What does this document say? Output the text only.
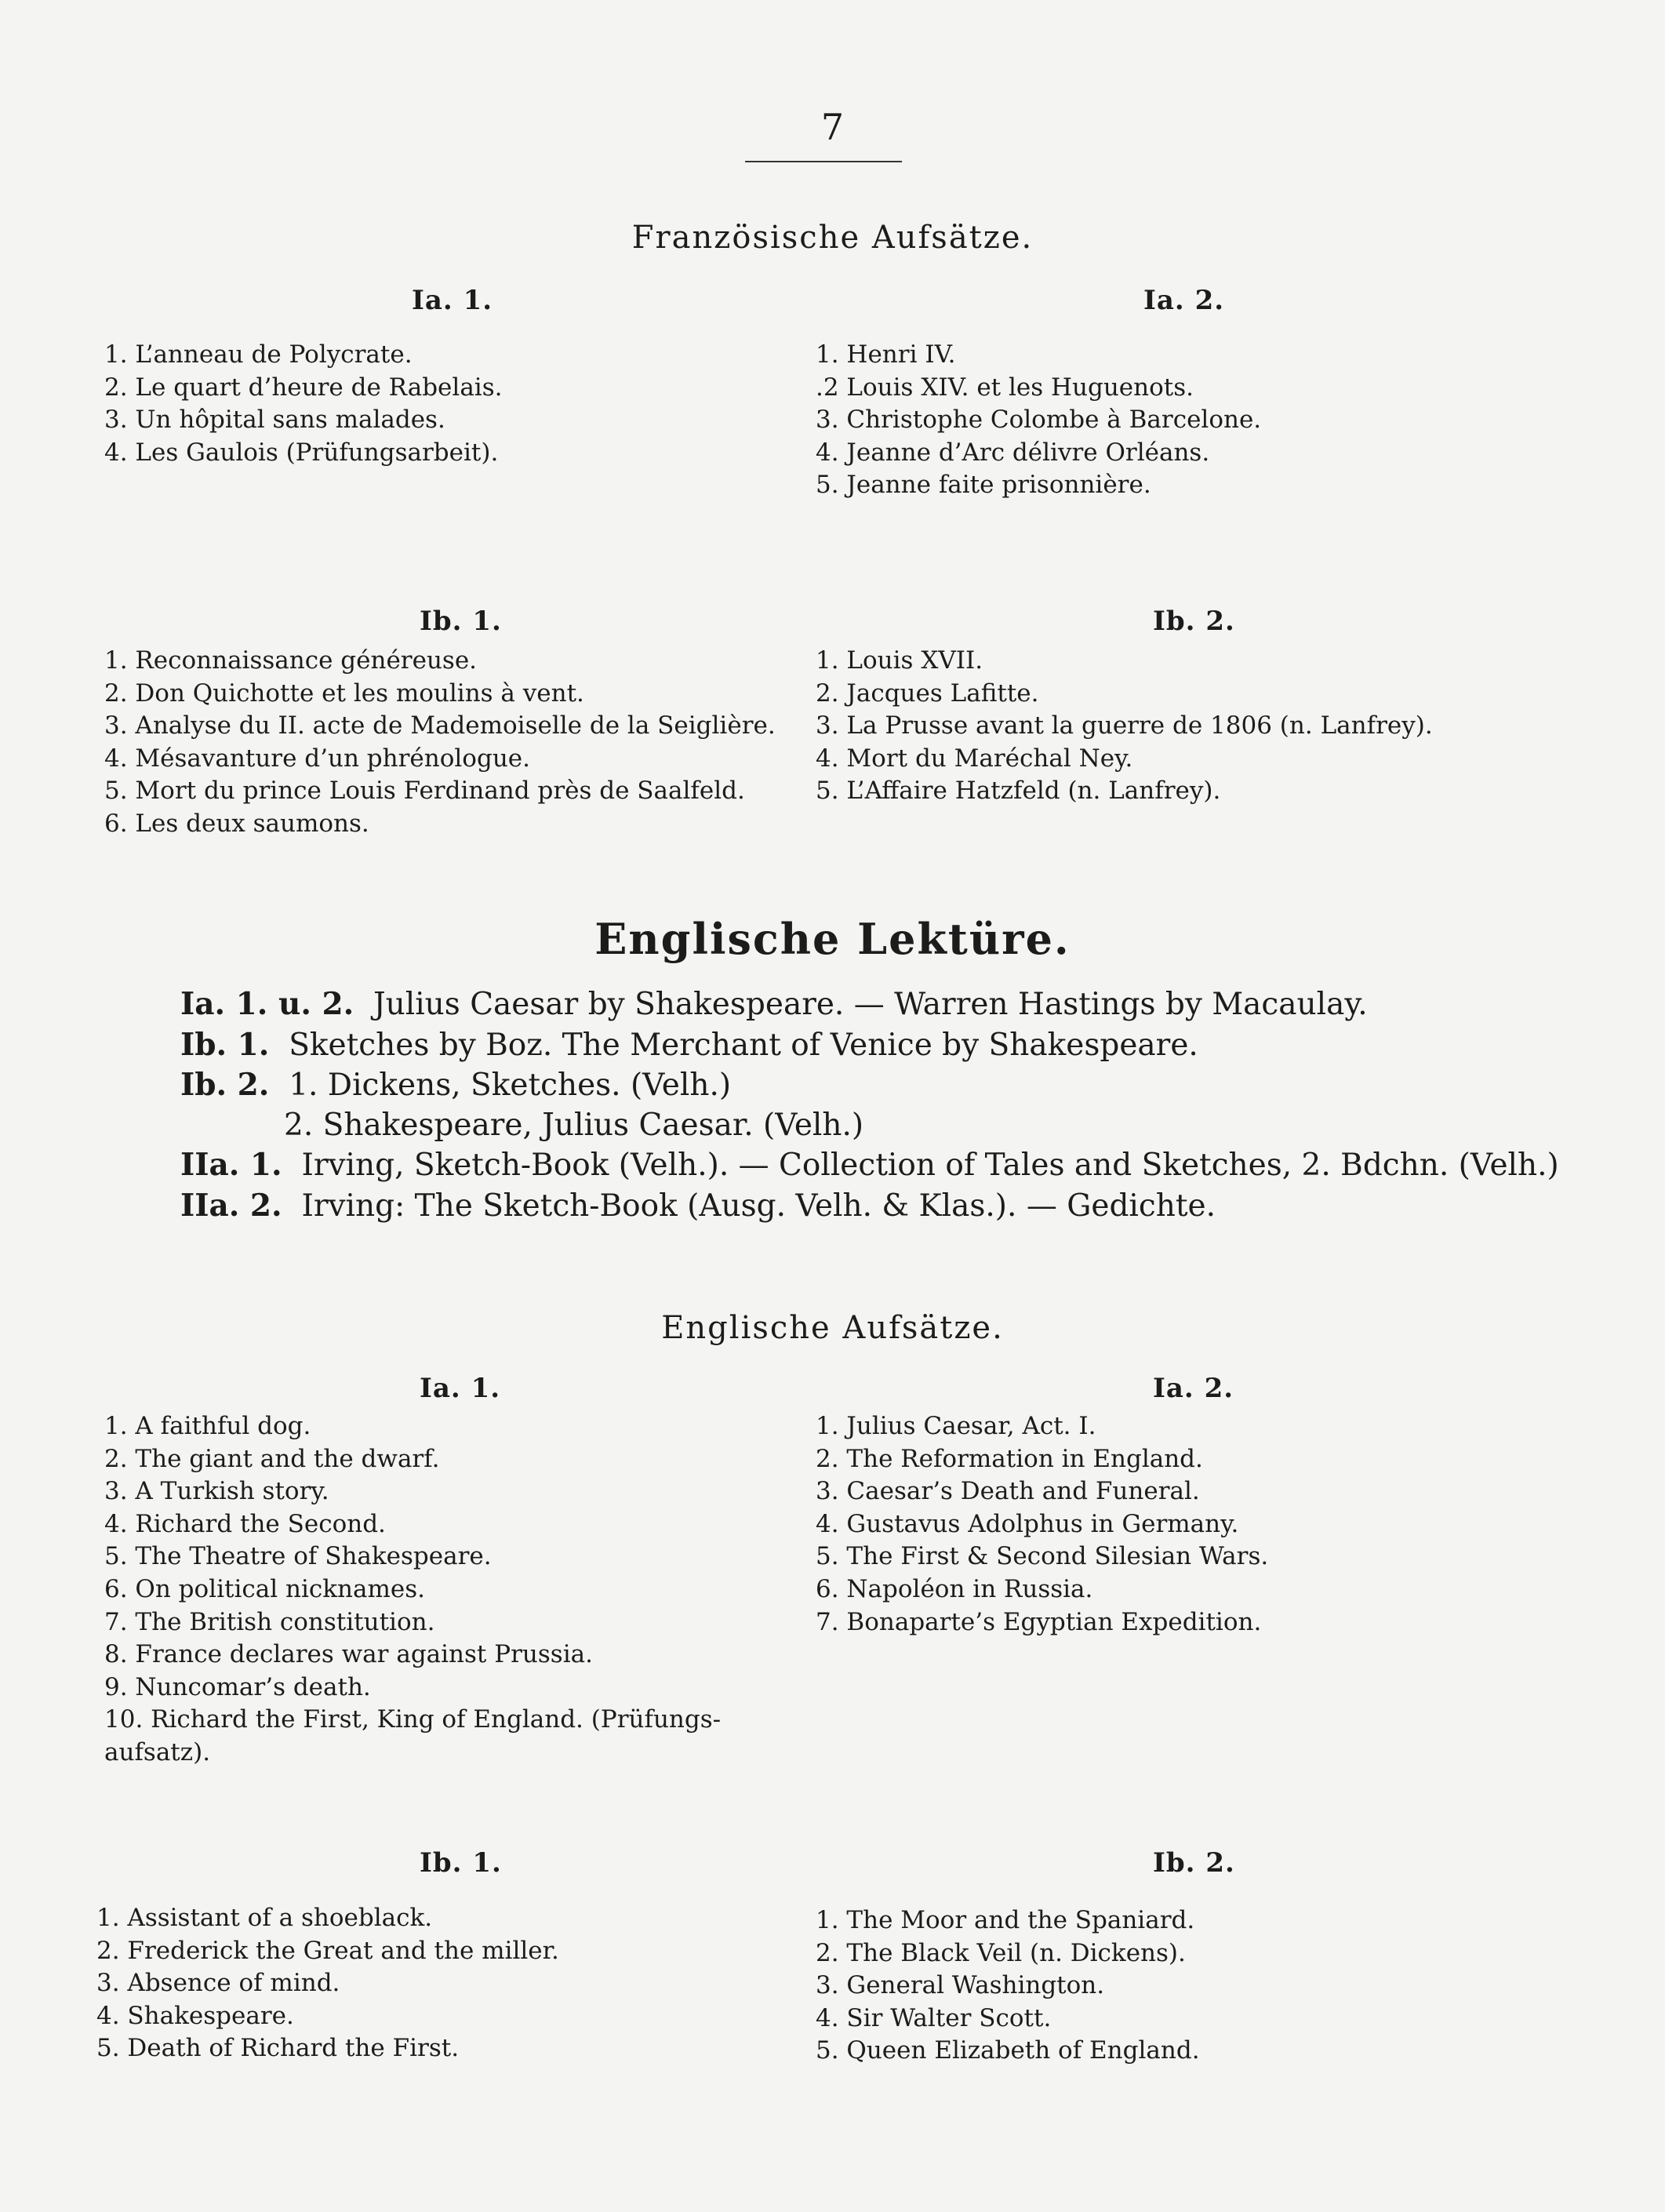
7
Französische Aufsätze.
Ia. 1.
1. L’anneau de Polycrate.
2. Le quart d’heure de Rabelais.
3. Un hôpital sans malades.
4. Les Gaulois (Prüfungsarbeit).
Ia. 2.
1. Henri IV.
.2 Louis XIV. et les Huguenots.
3. Christophe Colombe à Barcelone.
4. Jeanne d’Arc délivre Orléans.
5. Jeanne faite prisonnière.
Ib. 1.
1. Reconnaissance généreuse.
2. Don Quichotte et les moulins à vent.
3. Analyse du II. acte de Mademoiselle de la Seiglière.
4. Mésavanture d’un phrénologue.
5. Mort du prince Louis Ferdinand près de Saalfeld.
6. Les deux saumons.
Ib. 2.
1. Louis XVII.
2. Jacques Lafitte.
3. La Prusse avant la guerre de 1806 (n. Lanfrey).
4. Mort du Maréchal Ney.
5. L’Affaire Hatzfeld (n. Lanfrey).
Englische Lektüre.
Ia. 1. u. 2. Julius Caesar by Shakespeare. — Warren Hastings by Macaulay.
Ib. 1. Sketches by Boz. The Merchant of Venice by Shakespeare.
Ib. 2. 1. Dickens, Sketches. (Velh.)
2. Shakespeare, Julius Caesar. (Velh.)
IIa. 1. Irving, Sketch-Book (Velh.). — Collection of Tales and Sketches, 2. Bdchn. (Velh.)
IIa. 2. Irving: The Sketch-Book (Ausg. Velh. & Klas.). — Gedichte.
Englische Aufsätze.
Ia. 1.
1. A faithful dog.
2. The giant and the dwarf.
3. A Turkish story.
4. Richard the Second.
5. The Theatre of Shakespeare.
6. On political nicknames.
7. The British constitution.
8. France declares war against Prussia.
9. Nuncomar’s death.
10. Richard the First, King of England. (Prüfungs- aufsatz).
Ia. 2.
1. Julius Caesar, Act. I.
2. The Reformation in England.
3. Caesar’s Death and Funeral.
4. Gustavus Adolphus in Germany.
5. The First & Second Silesian Wars.
6. Napoléon in Russia.
7. Bonaparte’s Egyptian Expedition.
Ib. 1.
1. Assistant of a shoeblack.
2. Frederick the Great and the miller.
3. Absence of mind.
4. Shakespeare.
5. Death of Richard the First.
Ib. 2.
1. The Moor and the Spaniard.
2. The Black Veil (n. Dickens).
3. General Washington.
4. Sir Walter Scott.
5. Queen Elizabeth of England.
